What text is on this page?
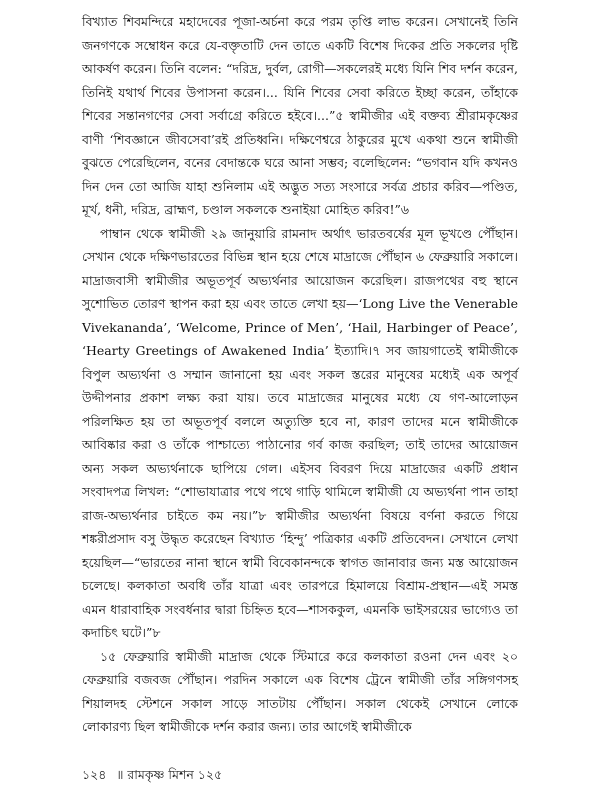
বিখ্যাত শিবমন্দিরে মহাদেবের পূজা-অর্চনা করে পরম তৃপ্তি লাভ করেন। সেখানেই তিনি জনগণকে সম্বোধন করে যে-বক্তৃতাটি দেন তাতে একটি বিশেষ দিকের প্রতি সকলের দৃষ্টি আকর্ষণ করেন। তিনি বলেন: “দরিদ্র, দুর্বল, রোগী—সকলেরই মধ্যে যিনি শিব দর্শন করেন, তিনিই যথার্থ শিবের উপাসনা করেন।... যিনি শিবের সেবা করিতে ইচ্ছা করেন, তাঁহাকে শিবের সন্তানগণের সেবা সর্বাগ্রে করিতে হইবে।...”৫ স্বামীজীর এই বক্তব্য শ্রীরামকৃষ্ণের বাণী ‘শিবজ্ঞানে জীবসেবা’রই প্রতিধ্বনি। দক্ষিণেশ্বরে ঠাকুরের মুখে একথা শুনে স্বামীজী বুঝতে পেরেছিলেন, বনের বেদান্তকে ঘরে আনা সম্ভব; বলেছিলেন: “ভগবান যদি কখনও দিন দেন তো আজি যাহা শুনিলাম এই অদ্ভুত সত্য সংসারে সর্বত্র প্রচার করিব—পণ্ডিত, মূর্খ, ধনী, দরিদ্র, ব্রাহ্মণ, চণ্ডাল সকলকে শুনাইয়া মোহিত করিব!”৬

পাম্বান থেকে স্বামীজী ২৯ জানুয়ারি রামনাদ অর্থাৎ ভারতবর্ষের মূল ভূখণ্ডে পৌঁছান। সেখান থেকে দক্ষিণভারতের বিভিন্ন স্থান হয়ে শেষে মাদ্রাজে পৌঁছান ৬ ফেব্রুয়ারি সকালে। মাদ্রাজবাসী স্বামীজীর অভূতপূর্ব অভ্যর্থনার আয়োজন করেছিল। রাজপথের বহু স্থানে সুশোভিত তোরণ স্থাপন করা হয় এবং তাতে লেখা হয়—‘Long Live the Venerable Vivekananda’, ‘Welcome, Prince of Men’, ‘Hail, Harbinger of Peace’, ‘Hearty Greetings of Awakened India’ ইত্যাদি।৭ সব জায়গাতেই স্বামীজীকে বিপুল অভ্যর্থনা ও সম্মান জানানো হয় এবং সকল স্তরের মানুষের মধ্যেই এক অপূর্ব উদ্দীপনার প্রকাশ লক্ষ্য করা যায়। তবে মাদ্রাজের মানুষের মধ্যে যে গণ-আলোড়ন পরিলক্ষিত হয় তা অভূতপূর্ব বললে অত্যুক্তি হবে না, কারণ তাদের মনে স্বামীজীকে আবিষ্কার করা ও তাঁকে পাশ্চাত্যে পাঠানোর গর্ব কাজ করছিল; তাই তাদের আয়োজন অন্য সকল অভ্যর্থনাকে ছাপিয়ে গেল। এইসব বিবরণ দিয়ে মাদ্রাজের একটি প্রধান সংবাদপত্র লিখল: “শোভাযাত্রার পথে পথে গাড়ি থামিলে স্বামীজী যে অভ্যর্থনা পান তাহা রাজ-অভ্যর্থনার চাইতে কম নয়।”৮ স্বামীজীর অভ্যর্থনা বিষয়ে বর্ণনা করতে গিয়ে শঙ্করীপ্রসাদ বসু উদ্ধৃত করেছেন বিখ্যাত ‘হিন্দু’ পত্রিকার একটি প্রতিবেদন। সেখানে লেখা হয়েছিল—“ভারতের নানা স্থানে স্বামী বিবেকানন্দকে স্বাগত জানাবার জন্য মস্ত আয়োজন চলেছে। কলকাতা অবধি তাঁর যাত্রা এবং তারপরে হিমালয়ে বিশ্রাম-প্রস্থান—এই সমস্ত এমন ধারাবাহিক সংবর্ধনার দ্বারা চিহ্নিত হবে—শাসককুল, এমনকি ভাইসরয়ের ভাগ্যেও তা কদাচিৎ ঘটে।”৮

১৫ ফেব্রুয়ারি স্বামীজী মাদ্রাজ থেকে স্টিমারে করে কলকাতা রওনা দেন এবং ২০ ফেব্রুয়ারি বজবজ পৌঁছান। পরদিন সকালে এক বিশেষ ট্রেনে স্বামীজী তাঁর সঙ্গিগণসহ শিয়ালদহ স্টেশনে সকাল সাড়ে সাতটায় পৌঁছান। সকাল থেকেই সেখানে লোকে লোকারণ্য ছিল স্বামীজীকে দর্শন করার জন্য। তার আগেই স্বামীজীকে

১২৪ ॥ রামকৃষ্ণ মিশন ১২৫
